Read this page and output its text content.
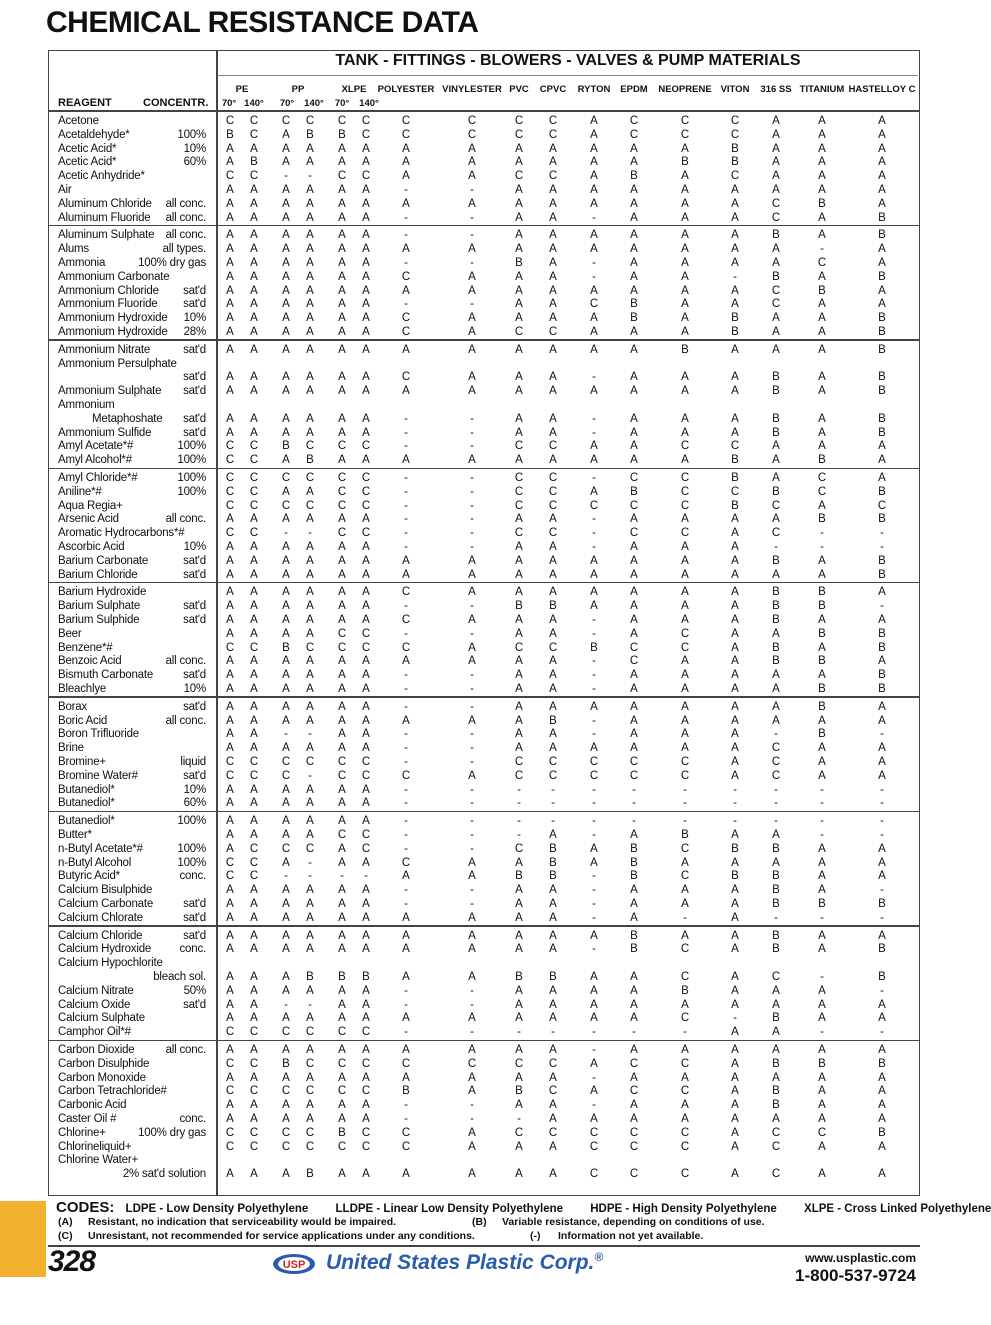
CHEMICAL RESISTANCE DATA
TANK - FITTINGS - BLOWERS - VALVES & PUMP MATERIALS
REAGENT	CONCENTR.
PE	PP	XLPE POLYESTER VINYLESTER PVC CPVC RYTON EPDM NEOPRENE VITON 316 SS TITANIUM HASTELLOY C
70° 140° 70° 140° 70° 140°
Acetone	C C C C C C	C	C	C C	A	C	C	C	A	A	A
Acetaldehyde*	100% B C A B B C	C	C	C C	A	C	C	C	A	A	A
Acetic Acid*	10% A A A A A A	A	A	A A	A	A	A	B	A	A	A
Acetic Acid*	60% A B A A A A	A	A	A A	A	A	B	B	A	A	A
Acetic Anhydride*	C C - - C C	A	A	C C	A	B	A	C	A	A	A
Air	A A A A A A	-	-	A A	A	A	A	A	A	A	A
Aluminum Chloride all conc. A A A A A A	A	A	A A	A	A	A	A	C	B	A
Aluminum Fluoride all conc. A A A A A A	-	-	A A	-	A	A	A	C	A	B
Aluminum Sulphate all conc. A A A A A A	-	-	A A	A	A	A	A	B	A	B
Alums	all types. A A A A A A	A	A	A A	A	A	A	A	A	-	A
Ammonia	100% dry gas A A A A A A	-	-	B A	-	A	A	A	A	C	A
Ammonium Carbonate	A A A A A A	C	A	A A	-	A	A	-	B	A	B
Ammonium Chloride sat'd A A A A A A	A	A	A A	A	A	A	A	C	B	A
Ammonium Fluoride sat'd A A A A A A	-	-	A A	C	B	A	A	C	A	A
Ammonium Hydroxide 10% A A A A A A	C	A	A A	A	B	A	B	A	A	B
Ammonium Hydroxide 28% A A A A A A	C	A	C C	A	A	A	B	A	A	B
Ammonium Nitrate	sat'd A A A A A A	A	A	A A	A	A	B	A	A	A	B
Ammonium Persulphate
sat'd A A A A A A	C	A	A A	-	A	A	A	B	A	B
Ammonium Sulphate sat'd A A A A A A	A	A	A A	A	A	A	A	B	A	B
Ammonium
Metaphoshate sat'd A A A A A A	-	-	A A	-	A	A	A	B	A	B
Ammonium Sulfide	sat'd A A A A A A	-	-	A A	-	A	A	A	B	A	B
Amyl Acetate*#	100% C C B C C C	-	-	C C	A	A	C	C	A	A	A
Amyl Alcohol*#	100% C C A B A A	A	A	A A	A	A	A	B	A	B	A
Amyl Chloride*#	100% C C C C C C	-	-	C C	-	C	C	B	A	C	A
Aniline*#	100% C C A A C C	-	-	C C	A	B	C	C	B	C	B
Aqua Regia+	C C C C C C	-	-	C C	C	C	C	B	C	A	C
Arsenic Acid	all conc. A A A A A A	-	-	A A	-	A	A	A	A	B	B
Aromatic Hydrocarbons*#	C C - - C C	-	-	C C	-	C	C	A	C	-	-
Ascorbic Acid	10% A A A A A A	-	-	A A	-	A	A	A	-	-	-
Barium Carbonate	sat'd A A A A A A	A	A	A A	A	A	A	A	B	A	B
Barium Chloride	sat'd A A A A A A	A	A	A A	A	A	A	A	A	A	B
Barium Hydroxide	A A A A A A	C	A	A A	A	A	A	A	B	B	A
Barium Sulphate	sat'd A A A A A A	-	-	B B	A	A	A	A	B	B	-
Barium Sulphide	sat'd A A A A A A	C	A	A A	-	A	A	A	B	A	A
Beer	A A A A C C	-	-	A A	-	A	C	A	A	B	B
Benzene*#	C C B C C C	C	A	C C	B	C	C	A	B	A	B
Benzoic Acid	all conc. A A A A A A	A	A	A A	-	C	A	A	B	B	A
Bismuth Carbonate	sat'd A A A A A A	-	-	A A	-	A	A	A	A	A	B
Bleachlye	10% A A A A A A	-	-	A A	-	A	A	A	A	B	B
Borax	sat'd A A A A A A	-	-	A A	A	A	A	A	A	B	A
Boric Acid	all conc. A A A A A A	A	A	A B	-	A	A	A	A	A	A
Boron Trifluoride	A A - - A A	-	-	A A	-	A	A	A	-	B	-
Brine	A A A A A A	-	-	A A	A	A	A	A	C	A	A
Bromine+	liquid C C C C C C	-	-	C C	C	C	C	A	C	A	A
Bromine Water#	sat'd C C C - C C	C	A	C C	C	C	C	A	C	A	A
Butanediol*	10% A A A A A A	-	-	-	-	-	-	-	-	-	-	-
Butanediol*	60% A A A A A A	-	-	-	-	-	-	-	-	-	-	-
Butanediol*	100% A A A A A A	-	-	-	-	-	-	-	-	-	-	-
Butter*	A A A A C C	-	-	- A	-	A	B	A	A	-	-
n-Butyl Acetate*#	100% A C C C A C	-	-	C B	A	B	C	B	B	A	A
n-Butyl Alcohol	100% C C A - A A	C	A	A B	A	B	A	A	A	A	A
Butyric Acid*	conc. C C - - - -	A	A	B B	-	B	C	B	B	A	A
Calcium Bisulphide	A A A A A A	-	-	A A	-	A	A	A	B	A	-
Calcium Carbonate	sat'd A A A A A A	-	-	A A	-	A	A	A	B	B	B
Calcium Chlorate	sat'd A A A A A A	A	A	A A	-	A	-	A	-	-	-
Calcium Chloride	sat'd A A A A A A	A	A	A A	A	B	A	A	B	A	A
Calcium Hydroxide conc. A A A A A A	A	A	A A	-	B	C	A	B	A	B
Calcium Hypochlorite
bleach sol. A A A B B B	A	A	B B	A	A	C	A	C	-	B
Calcium Nitrate	50% A A A A A A	-	-	A A	A	A	B	A	A	A	-
Calcium Oxide	sat'd A A - - A A	-	-	A A	A	A	A	A	A	A	A
Calcium Sulphate	A A A A A A	A	A	A A	A	A	C	-	B	A	A
Camphor Oil*#	C C C C C C	-	-	-	-	-	-	-	A	A	-	-
Carbon Dioxide	all conc. A A A A A A	A	A	A A	-	A	A	A	A	A	A
Carbon Disulphide	C C B C C C	C	C	C C	A	C	C	A	B	B	B
Carbon Monoxide	A A A A A A	A	A	A A	-	A	A	A	A	A	A
Carbon Tetrachloride#	C C C C C C	B	A	B C	A	C	C	A	B	A	A
Carbonic Acid	A A A A A A	-	-	A A	-	A	A	A	B	A	A
Caster Oil #	conc. A A A A A A	-	-	- A	A	A	A	A	A	A	A
Chlorine+	100% dry gas C C C C B C	C	A	C C	C	C	C	A	C	C	B
Chlorineliquid+	C C C C C C	C	A	A A	C	C	C	A	C	A	A
Chlorine Water+
2% sat'd solution A A A B A A	A	A	A A	C	C	C	A	C	A	A
CODES: LDPE - Low Density Polyethylene LLDPE - Linear Low Density Polyethylene HDPE - High Density Polyethylene XLPE - Cross Linked Polyethylene
(A) Resistant, no indication that serviceability would be impaired.	(B) Variable resistance, depending on conditions of use.
(C) Unresistant, not recommended for service applications under any conditions.	(-) Information not yet available.
328	USP United States Plastic Corp.®	www.usplastic.com
1-800-537-9724
